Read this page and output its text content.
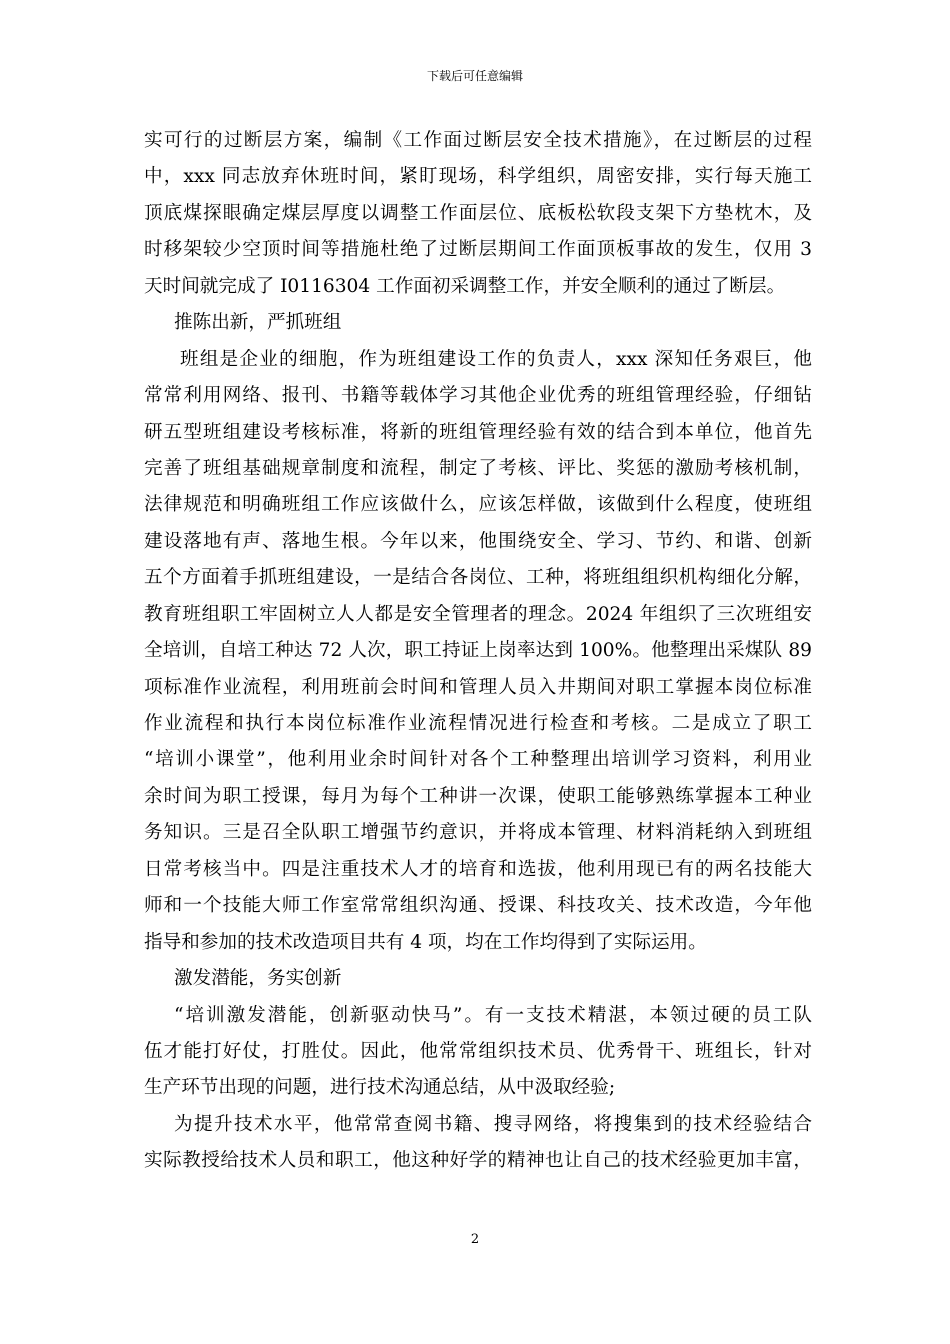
下载后可任意编辑
实可行的过断层方案，编制《工作面过断层安全技术措施》，在过断层的过程
中，xxx 同志放弃休班时间，紧盯现场，科学组织，周密安排，实行每天施工
顶底煤探眼确定煤层厚度以调整工作面层位、底板松软段支架下方垫枕木，及
时移架较少空顶时间等措施杜绝了过断层期间工作面顶板事故的发生，仅用 3
天时间就完成了 I0116304 工作面初采调整工作，并安全顺利的通过了断层。
推陈出新，严抓班组
班组是企业的细胞，作为班组建设工作的负责人，xxx 深知任务艰巨，他
常常利用网络、报刊、书籍等载体学习其他企业优秀的班组管理经验，仔细钻
研五型班组建设考核标准，将新的班组管理经验有效的结合到本单位，他首先
完善了班组基础规章制度和流程，制定了考核、评比、奖惩的激励考核机制，
法律规范和明确班组工作应该做什么，应该怎样做，该做到什么程度，使班组
建设落地有声、落地生根。今年以来，他围绕安全、学习、节约、和谐、创新
五个方面着手抓班组建设，一是结合各岗位、工种，将班组组织机构细化分解，
教育班组职工牢固树立人人都是安全管理者的理念。2024 年组织了三次班组安
全培训，自培工种达 72 人次，职工持证上岗率达到 100%。他整理出采煤队 89
项标准作业流程，利用班前会时间和管理人员入井期间对职工掌握本岗位标准
作业流程和执行本岗位标准作业流程情况进行检查和考核。二是成立了职工
“培训小课堂”，他利用业余时间针对各个工种整理出培训学习资料，利用业
余时间为职工授课，每月为每个工种讲一次课，使职工能够熟练掌握本工种业
务知识。三是召全队职工增强节约意识，并将成本管理、材料消耗纳入到班组
日常考核当中。四是注重技术人才的培育和选拔，他利用现已有的两名技能大
师和一个技能大师工作室常常组织沟通、授课、科技攻关、技术改造，今年他
指导和参加的技术改造项目共有 4 项，均在工作均得到了实际运用。
激发潜能，务实创新
“培训激发潜能，创新驱动快马”。有一支技术精湛，本领过硬的员工队
伍才能打好仗，打胜仗。因此，他常常组织技术员、优秀骨干、班组长，针对
生产环节出现的问题，进行技术沟通总结，从中汲取经验;
为提升技术水平，他常常查阅书籍、搜寻网络，将搜集到的技术经验结合
实际教授给技术人员和职工，他这种好学的精神也让自己的技术经验更加丰富，
2
